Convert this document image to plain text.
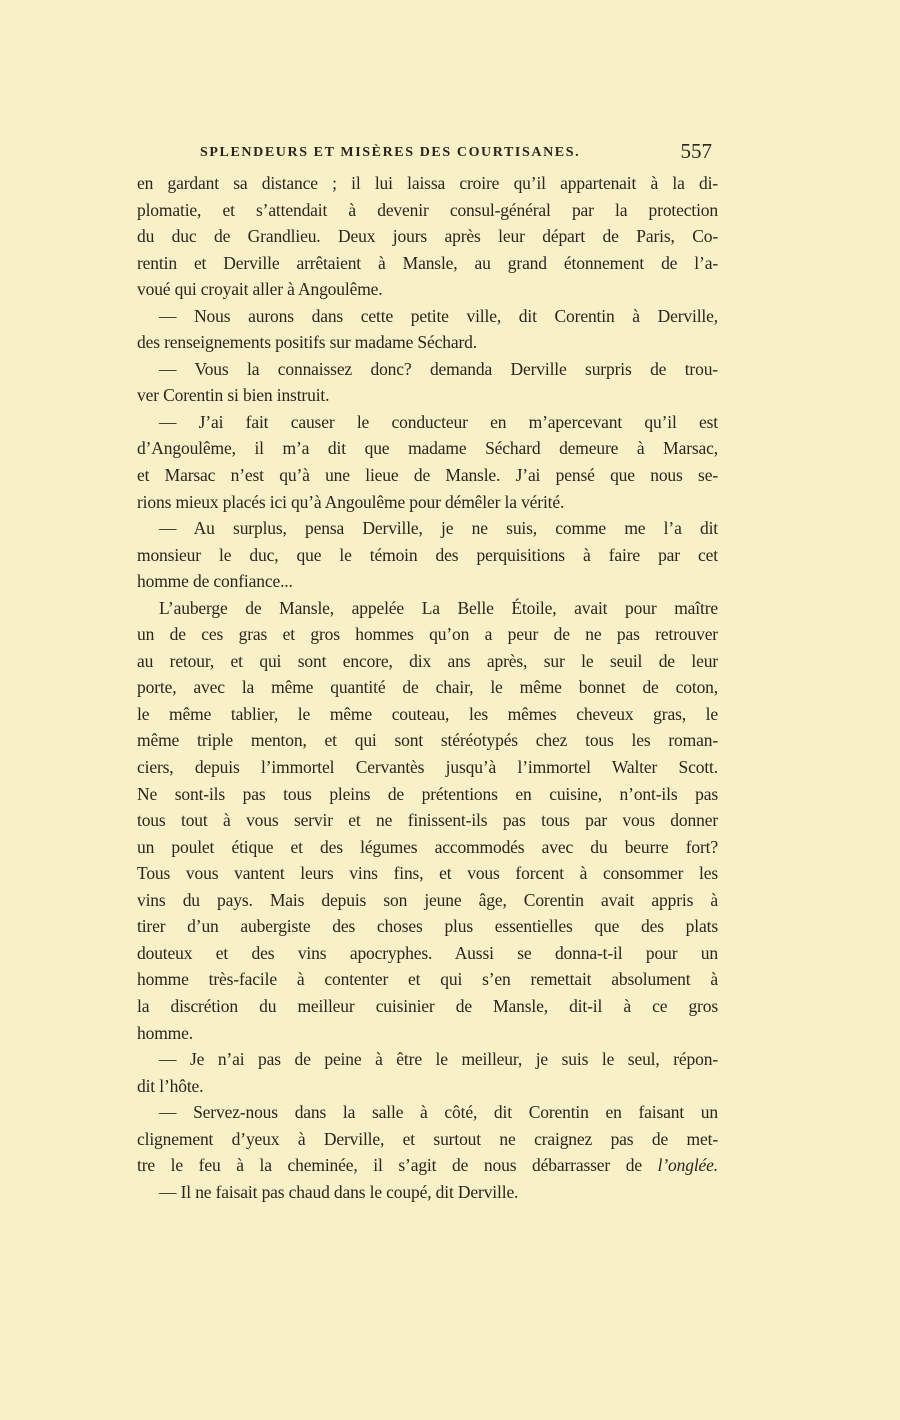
SPLENDEURS ET MISÈRES DES COURTISANES.	557
en gardant sa distance ; il lui laissa croire qu’il appartenait à la di-
plomatie, et s’attendait à devenir consul-général par la protection
du duc de Grandlieu. Deux jours après leur départ de Paris, Co-
rentin et Derville arrêtaient à Mansle, au grand étonnement de l’a-
voué qui croyait aller à Angoulême.
— Nous aurons dans cette petite ville, dit Corentin à Derville,
des renseignements positifs sur madame Séchard.
— Vous la connaissez donc? demanda Derville surpris de trou-
ver Corentin si bien instruit.
— J’ai fait causer le conducteur en m’apercevant qu’il est
d’Angoulême, il m’a dit que madame Séchard demeure à Marsac,
et Marsac n’est qu’à une lieue de Mansle. J’ai pensé que nous se-
rions mieux placés ici qu’à Angoulême pour démêler la vérité.
— Au surplus, pensa Derville, je ne suis, comme me l’a dit
monsieur le duc, que le témoin des perquisitions à faire par cet
homme de confiance...
L’auberge de Mansle, appelée La Belle Étoile, avait pour maître
un de ces gras et gros hommes qu’on a peur de ne pas retrouver
au retour, et qui sont encore, dix ans après, sur le seuil de leur
porte, avec la même quantité de chair, le même bonnet de coton,
le même tablier, le même couteau, les mêmes cheveux gras, le
même triple menton, et qui sont stéréotypés chez tous les roman-
ciers, depuis l’immortel Cervantès jusqu’à l’immortel Walter Scott.
Ne sont-ils pas tous pleins de prétentions en cuisine, n’ont-ils pas
tous tout à vous servir et ne finissent-ils pas tous par vous donner
un poulet étique et des légumes accommodés avec du beurre fort?
Tous vous vantent leurs vins fins, et vous forcent à consommer les
vins du pays. Mais depuis son jeune âge, Corentin avait appris à
tirer d’un aubergiste des choses plus essentielles que des plats
douteux et des vins apocryphes. Aussi se donna-t-il pour un
homme très-facile à contenter et qui s’en remettait absolument à
la discrétion du meilleur cuisinier de Mansle, dit-il à ce gros
homme.
— Je n’ai pas de peine à être le meilleur, je suis le seul, répon-
dit l’hôte.
— Servez-nous dans la salle à côté, dit Corentin en faisant un
clignement d’yeux à Derville, et surtout ne craignez pas de met-
tre le feu à la cheminée, il s’agit de nous débarrasser de l’onglée.
— Il ne faisait pas chaud dans le coupé, dit Derville.
